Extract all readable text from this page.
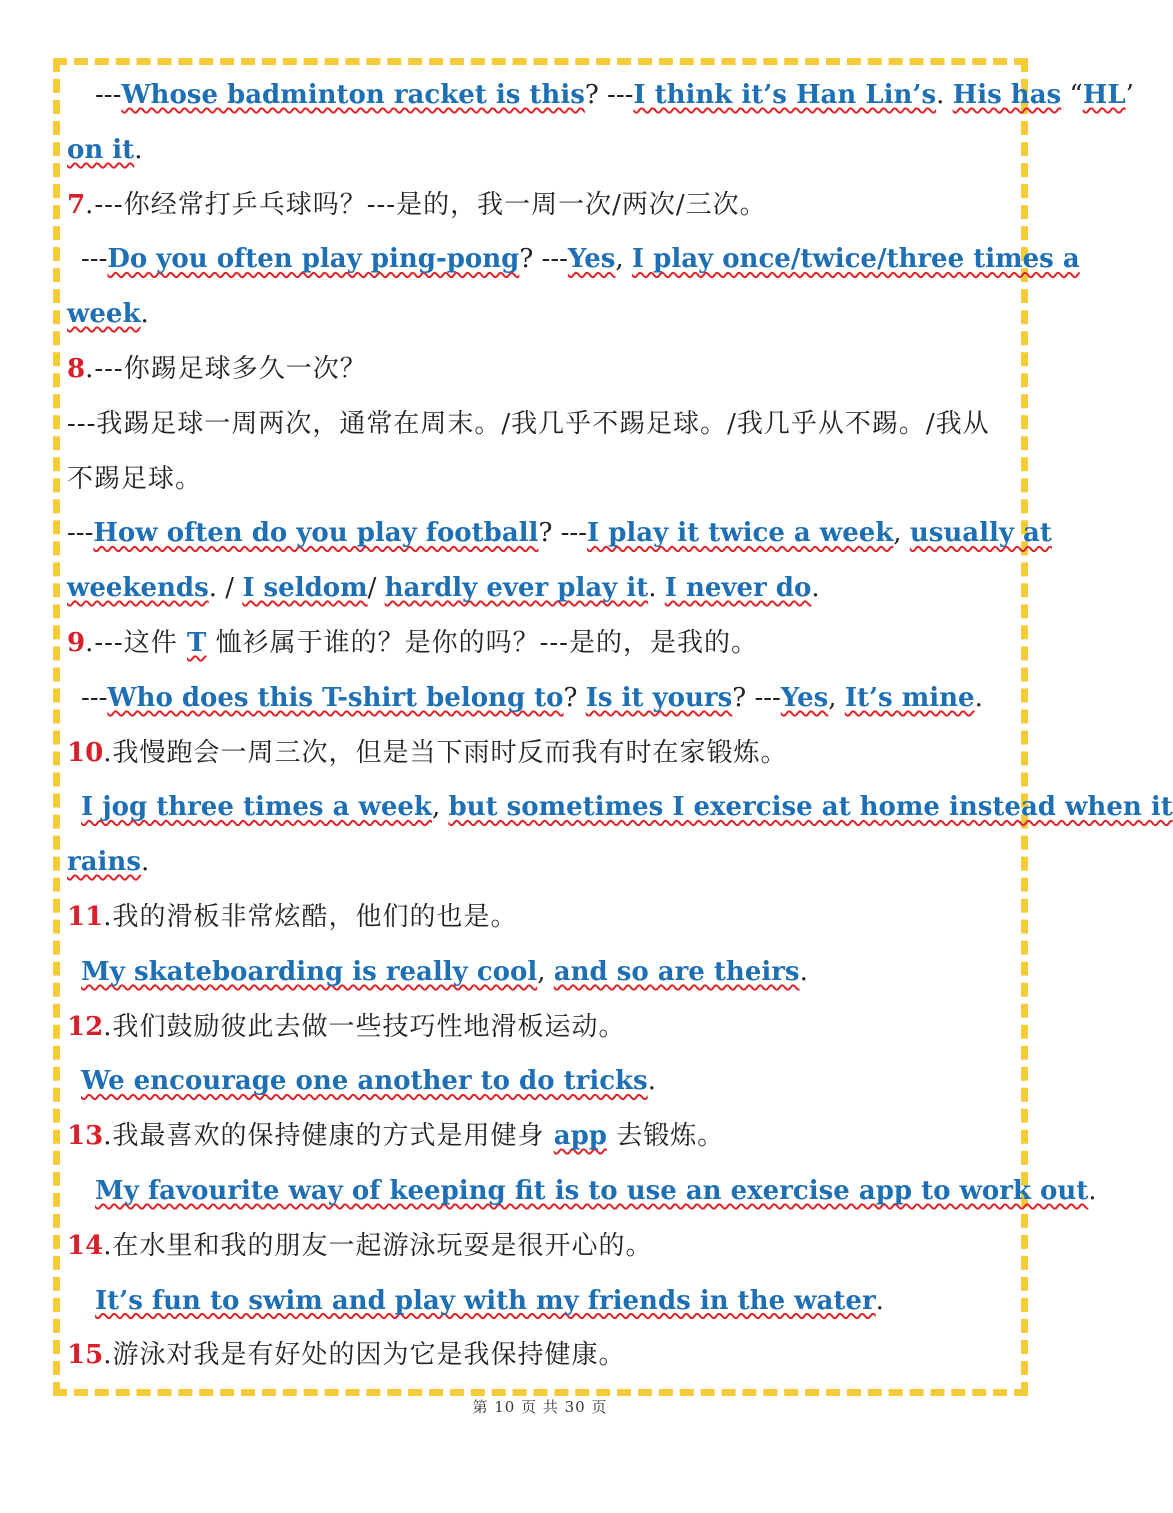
---Whose badminton racket is this? ---I think it’s Han Lin’s. His has “HL’
on it.
7.---你经常打乒乓球吗？---是的，我一周一次/两次/三次。
---Do you often play ping-pong? ---Yes, I play once/twice/three times a
week.
8.---你踢足球多久一次？
---我踢足球一周两次，通常在周末。/我几乎不踢足球。/我几乎从不踢。/我从
不踢足球。
---How often do you play football? ---I play it twice a week, usually at
weekends. / I seldom/ hardly ever play it. I never do.
9.---这件 T 恤衫属于谁的？是你的吗？---是的，是我的。
---Who does this T-shirt belong to? Is it yours? ---Yes, It’s mine.
10.我慢跑会一周三次，但是当下雨时反而我有时在家锻炼。
I jog three times a week, but sometimes I exercise at home instead when it
rains.
11.我的滑板非常炫酷，他们的也是。
My skateboarding is really cool, and so are theirs.
12.我们鼓励彼此去做一些技巧性地滑板运动。
We encourage one another to do tricks.
13.我最喜欢的保持健康的方式是用健身 app 去锻炼。
My favourite way of keeping fit is to use an exercise app to work out.
14.在水里和我的朋友一起游泳玩耍是很开心的。
It’s fun to swim and play with my friends in the water.
15.游泳对我是有好处的因为它是我保持健康。
第 10 页 共 30 页
